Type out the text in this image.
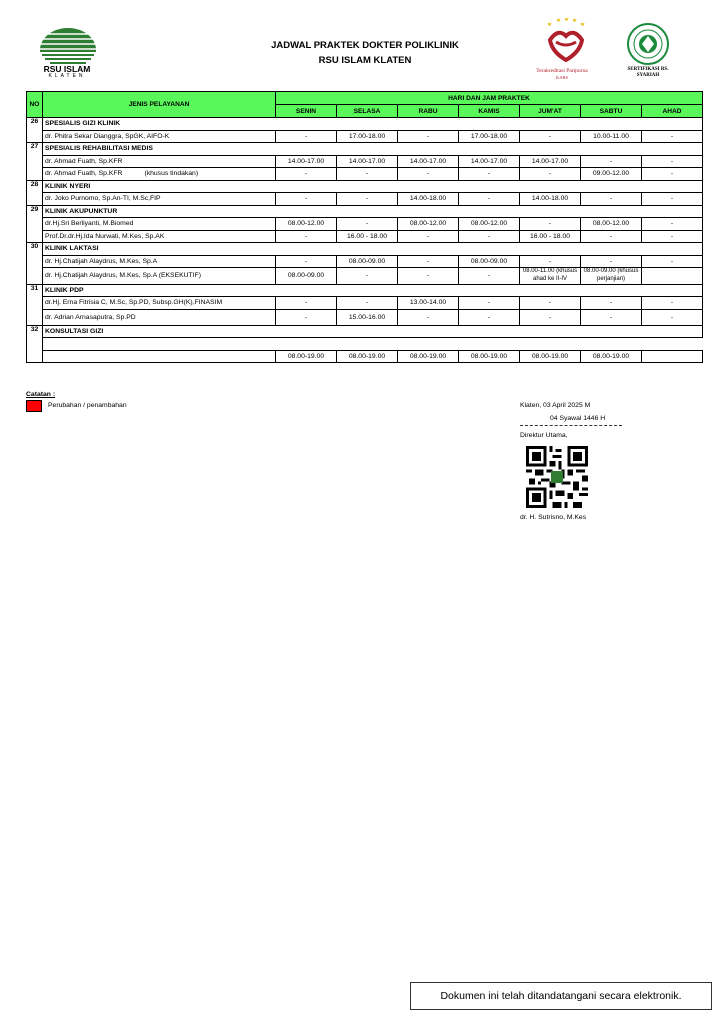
RSU ISLAM
KLATEN
JADWAL PRAKTEK DOKTER POLIKLINIK
RSU ISLAM KLATEN
Terakreditasi Paripurna
KARS
SERTIFIKASI RS. SYARIAH
NO	JENIS PELAYANAN	HARI DAN JAM PRAKTEK						
		SENIN	SELASA	RABU	KAMIS	JUM'AT	SABTU	AHAD
26	SPESIALIS GIZI KLINIK							
	dr. Phitra Sekar Dianggra, SpGK, AIFO-K	-	17.00-18.00	-	17.00-18.00	-	10.00-11.00	-
27	SPESIALIS REHABILITASI MEDIS							
	dr. Ahmad Fuath, Sp.KFR	14.00-17.00	14.00-17.00	14.00-17.00	14.00-17.00	14.00-17.00	-	-
	dr. Ahmad Fuath, Sp.KFR (khusus tindakan)	-	-	-	-	-	09.00-12.00	-
28	KLINIK NYERI							
	dr. Joko Purnomo, Sp.An-TI, M.Sc,FIP	-	-	14.00-18.00	-	14.00-18.00	-	-
29	KLINIK AKUPUNKTUR							
	dr.Hj.Sri Berliyanti, M.Biomed	08.00-12.00	-	08.00-12.00	08.00-12.00	-	08.00-12.00	-
	Prof.Dr.dr.Hj.Ida Nurwati, M.Kes, Sp.AK	-	16.00 - 18.00	-	-	16.00 - 18.00	-	-
30	KLINIK LAKTASI							
	dr. Hj.Chatijah Alaydrus, M.Kes, Sp.A	-	08.00-09.00	-	08.00-09.00	-	-	-
	dr. Hj.Chatijah Alaydrus, M.Kes, Sp.A (EKSEKUTIF)	08.00-09.00	-	-	-	08.00-11.00 (khusus ahad ke II-IV	08.00-09.00 (khusus perjanjian)	
31	KLINIK PDP							
	dr.Hj. Erna Fitrisia C, M.Sc, Sp.PD, Subsp.GH(K),FINASIM	-	-	13.00-14.00	-	-	-	-
	dr. Adrian Arnasaputra, Sp.PD	-	15.00-16.00	-	-	-	-	-
32	KONSULTASI GIZI							

		08.00-19.00	08.00-19.00	08.00-19.00	08.00-19.00	08.00-19.00	08.00-19.00	
Catatan :
Perubahan / penambahan	Klaten, 03 April 2025 M
04 Syawal 1446 H
Direktur Utama,
dr. H. Sutrisno, M.Kes
Dokumen ini telah ditandatangani secara elektronik.
